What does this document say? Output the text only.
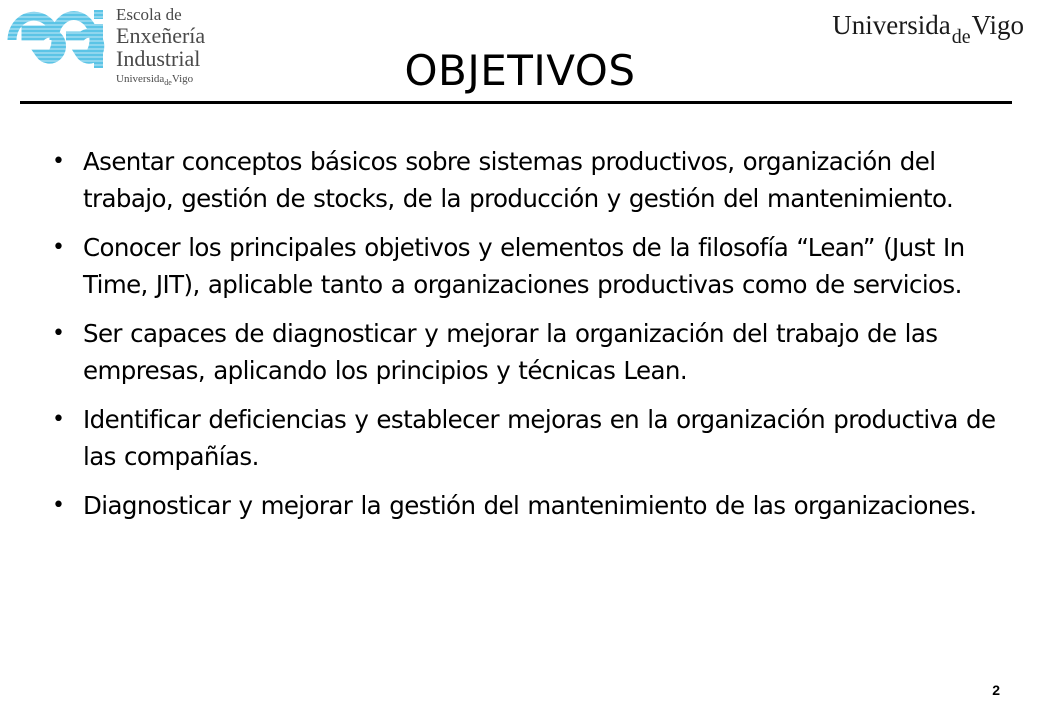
Escola de
Enxeñería
Industrial
Universida$_{de}$Vigo
Universida$_{de}$Vigo
OBJETIVOS
• Asentar conceptos básicos sobre sistemas productivos, organización del trabajo, gestión de stocks, de la producción y gestión del mantenimiento.
• Conocer los principales objetivos y elementos de la filosofía “Lean” (Just In Time, JIT), aplicable tanto a organizaciones productivas como de servicios.
• Ser capaces de diagnosticar y mejorar la organización del trabajo de las empresas, aplicando los principios y técnicas Lean.
• Identificar deficiencias y establecer mejoras en la organización productiva de las compañías.
• Diagnosticar y mejorar la gestión del mantenimiento de las organizaciones.
2
